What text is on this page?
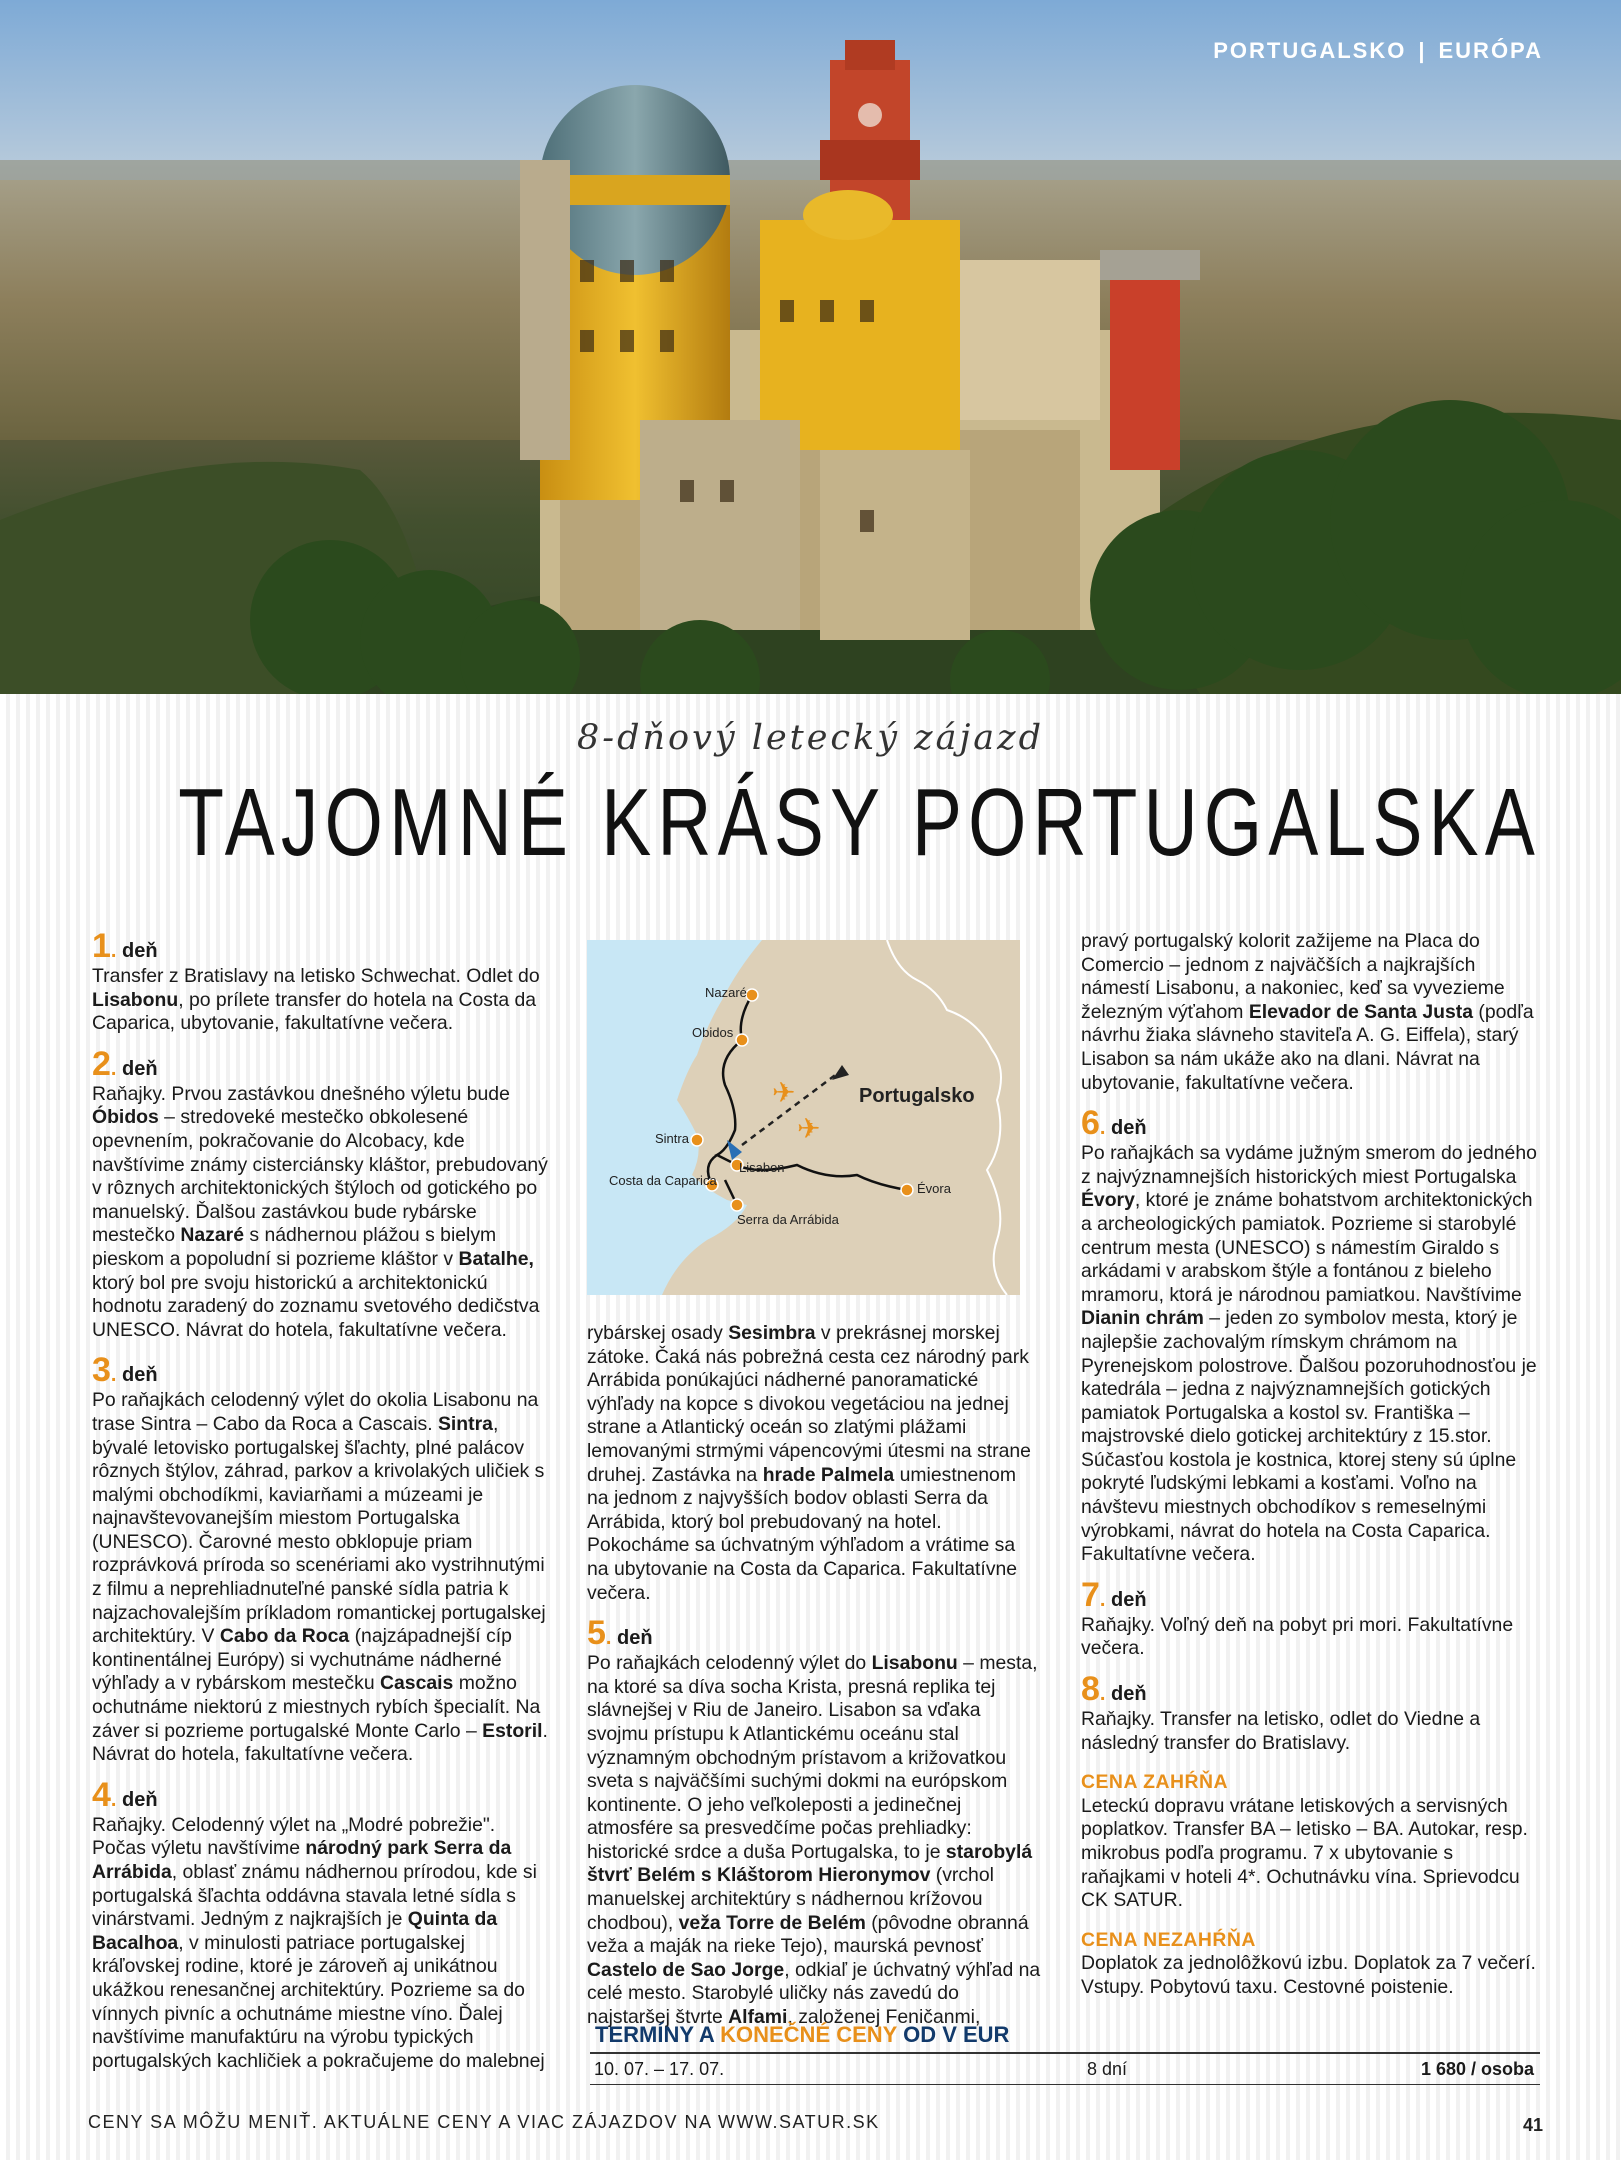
PORTUGALSKO | EURÓPA
8-dňový letecký zájazd
TAJOMNÉ KRÁSY PORTUGALSKA
1. deň

Transfer z Bratislavy na letisko Schwechat. Odlet do Lisabonu, po prílete transfer do hotela na Costa da Caparica, ubytovanie, fakultatívne večera.

2. deň

Raňajky. Prvou zastávkou dnešného výletu bude Óbidos – stredoveké mestečko obkolesené opevnením, pokračovanie do Alcobacy, kde navštívime známy cisterciánsky kláštor, prebudovaný v rôznych architektonických štýloch od gotického po manuelský. Ďalšou zastávkou bude rybárske mestečko Nazaré s nádhernou plážou s bielym pieskom a popoludní si pozrieme kláštor v Batalhe, ktorý bol pre svoju historickú a architektonickú hodnotu zaradený do zoznamu svetového dedičstva UNESCO. Návrat do hotela, fakultatívne večera.

3. deň

Po raňajkách celodenný výlet do okolia Lisabonu na trase Sintra – Cabo da Roca a Cascais. Sintra, bývalé letovisko portugalskej šľachty, plné palácov rôznych štýlov, záhrad, parkov a krivolakých uličiek s malými obchodíkmi, kaviarňami a múzeami je najnavštevovanejším miestom Portugalska (UNESCO). Čarovné mesto obklopuje priam rozprávková príroda so scenériami ako vystrihnutými z filmu a neprehliadnuteľné panské sídla patria k najzachovalejším príkladom romantickej portugalskej architektúry. V Cabo da Roca (najzápadnejší cíp kontinentálnej Európy) si vychutnáme nádherné výhľady a v rybárskom mestečku Cascais možno ochutnáme niektorú z miestnych rybích špecialít. Na záver si pozrieme portugalské Monte Carlo – Estoril. Návrat do hotela, fakultatívne večera.

4. deň

Raňajky. Celodenný výlet na „Modré pobrežie". Počas výletu navštívime národný park Serra da Arrábida, oblasť známu nádhernou prírodou, kde si portugalská šľachta oddávna stavala letné sídla s vinárstvami. Jedným z najkrajších je Quinta da Bacalhoa, v minulosti patriace portugalskej kráľovskej rodine, ktoré je zároveň aj unikátnou ukážkou renesančnej architektúry. Pozrieme sa do vínnych pivníc a ochutnáme miestne víno. Ďalej navštívime manufaktúru na výrobu typických portugalských kachličiek a pokračujeme do malebnej

✈
✈
Nazaré
Obidos
Sintra
Lisabon
Costa da Caparica
Serra da Arrábida
Évora
Portugalsko

rybárskej osady Sesimbra v prekrásnej morskej zátoke. Čaká nás pobrežná cesta cez národný park Arrábida ponúkajúci nádherné panoramatické výhľady na kopce s divokou vegetáciou na jednej strane a Atlantický oceán so zlatými plážami lemovanými strmými vápencovými útesmi na strane druhej. Zastávka na hrade Palmela umiestnenom na jednom z najvyšších bodov oblasti Serra da Arrábida, ktorý bol prebudovaný na hotel. Pokocháme sa úchvatným výhľadom a vrátime sa na ubytovanie na Costa da Caparica. Fakultatívne večera.

5. deň

Po raňajkách celodenný výlet do Lisabonu – mesta, na ktoré sa díva socha Krista, presná replika tej slávnejšej v Riu de Janeiro. Lisabon sa vďaka svojmu prístupu k Atlantickému oceánu stal významným obchodným prístavom a križovatkou sveta s najväčšími suchými dokmi na európskom kontinente. O jeho veľkoleposti a jedinečnej atmosfére sa presvedčíme počas prehliadky: historické srdce a duša Portugalska, to je starobylá štvrť Belém s Kláštorom Hieronymov (vrchol manuelskej architektúry s nádhernou krížovou chodbou), veža Torre de Belém (pôvodne obranná veža a maják na rieke Tejo), maurská pevnosť Castelo de Sao Jorge, odkiaľ je úchvatný výhľad na celé mesto. Starobylé uličky nás zavedú do najstaršej štvrte Alfami, založenej Feničanmi,

pravý portugalský kolorit zažijeme na Placa do Comercio – jednom z najväčších a najkrajších námestí Lisabonu, a nakoniec, keď sa vyvezieme železným výťahom Elevador de Santa Justa (podľa návrhu žiaka slávneho staviteľa A. G. Eiffela), starý Lisabon sa nám ukáže ako na dlani. Návrat na ubytovanie, fakultatívne večera.

6. deň

Po raňajkách sa vydáme južným smerom do jedného z najvýznamnejších historických miest Portugalska Évory, ktoré je známe bohatstvom architektonických a archeologických pamiatok. Pozrieme si starobylé centrum mesta (UNESCO) s námestím Giraldo s arkádami v arabskom štýle a fontánou z bieleho mramoru, ktorá je národnou pamiatkou. Navštívime Dianin chrám – jeden zo symbolov mesta, ktorý je najlepšie zachovalým rímskym chrámom na Pyrenejskom polostrove. Ďalšou pozoruhodnosťou je katedrála – jedna z najvýznamnejších gotických pamiatok Portugalska a kostol sv. Františka – majstrovské dielo gotickej architektúry z 15.stor. Súčasťou kostola je kostnica, ktorej steny sú úplne pokryté ľudskými lebkami a kosťami. Voľno na návštevu miestnych obchodíkov s remeselnými výrobkami, návrat do hotela na Costa Caparica. Fakultatívne večera.

7. deň

Raňajky. Voľný deň na pobyt pri mori. Fakultatívne večera.

8. deň

Raňajky. Transfer na letisko, odlet do Viedne a následný transfer do Bratislavy.

CENA ZAHŔŇA

Leteckú dopravu vrátane letiskových a servisných poplatkov. Transfer BA – letisko – BA. Autokar, resp. mikrobus podľa programu. 7 x ubytovanie s raňajkami v hoteli 4*. Ochutnávku vína. Sprievodcu CK SATUR.

CENA NEZAHŔŇA

Doplatok za jednolôžkovú izbu. Doplatok za 7 večerí. Vstupy. Pobytovú taxu. Cestovné poistenie.

TERMÍNY A KONEČNÉ CENY OD V EUR
10. 07. – 17. 07.	8 dní	1 680 / osoba
CENY SA MÔŽU MENIŤ. AKTUÁLNE CENY A VIAC ZÁJAZDOV NA WWW.SATUR.SK	41
